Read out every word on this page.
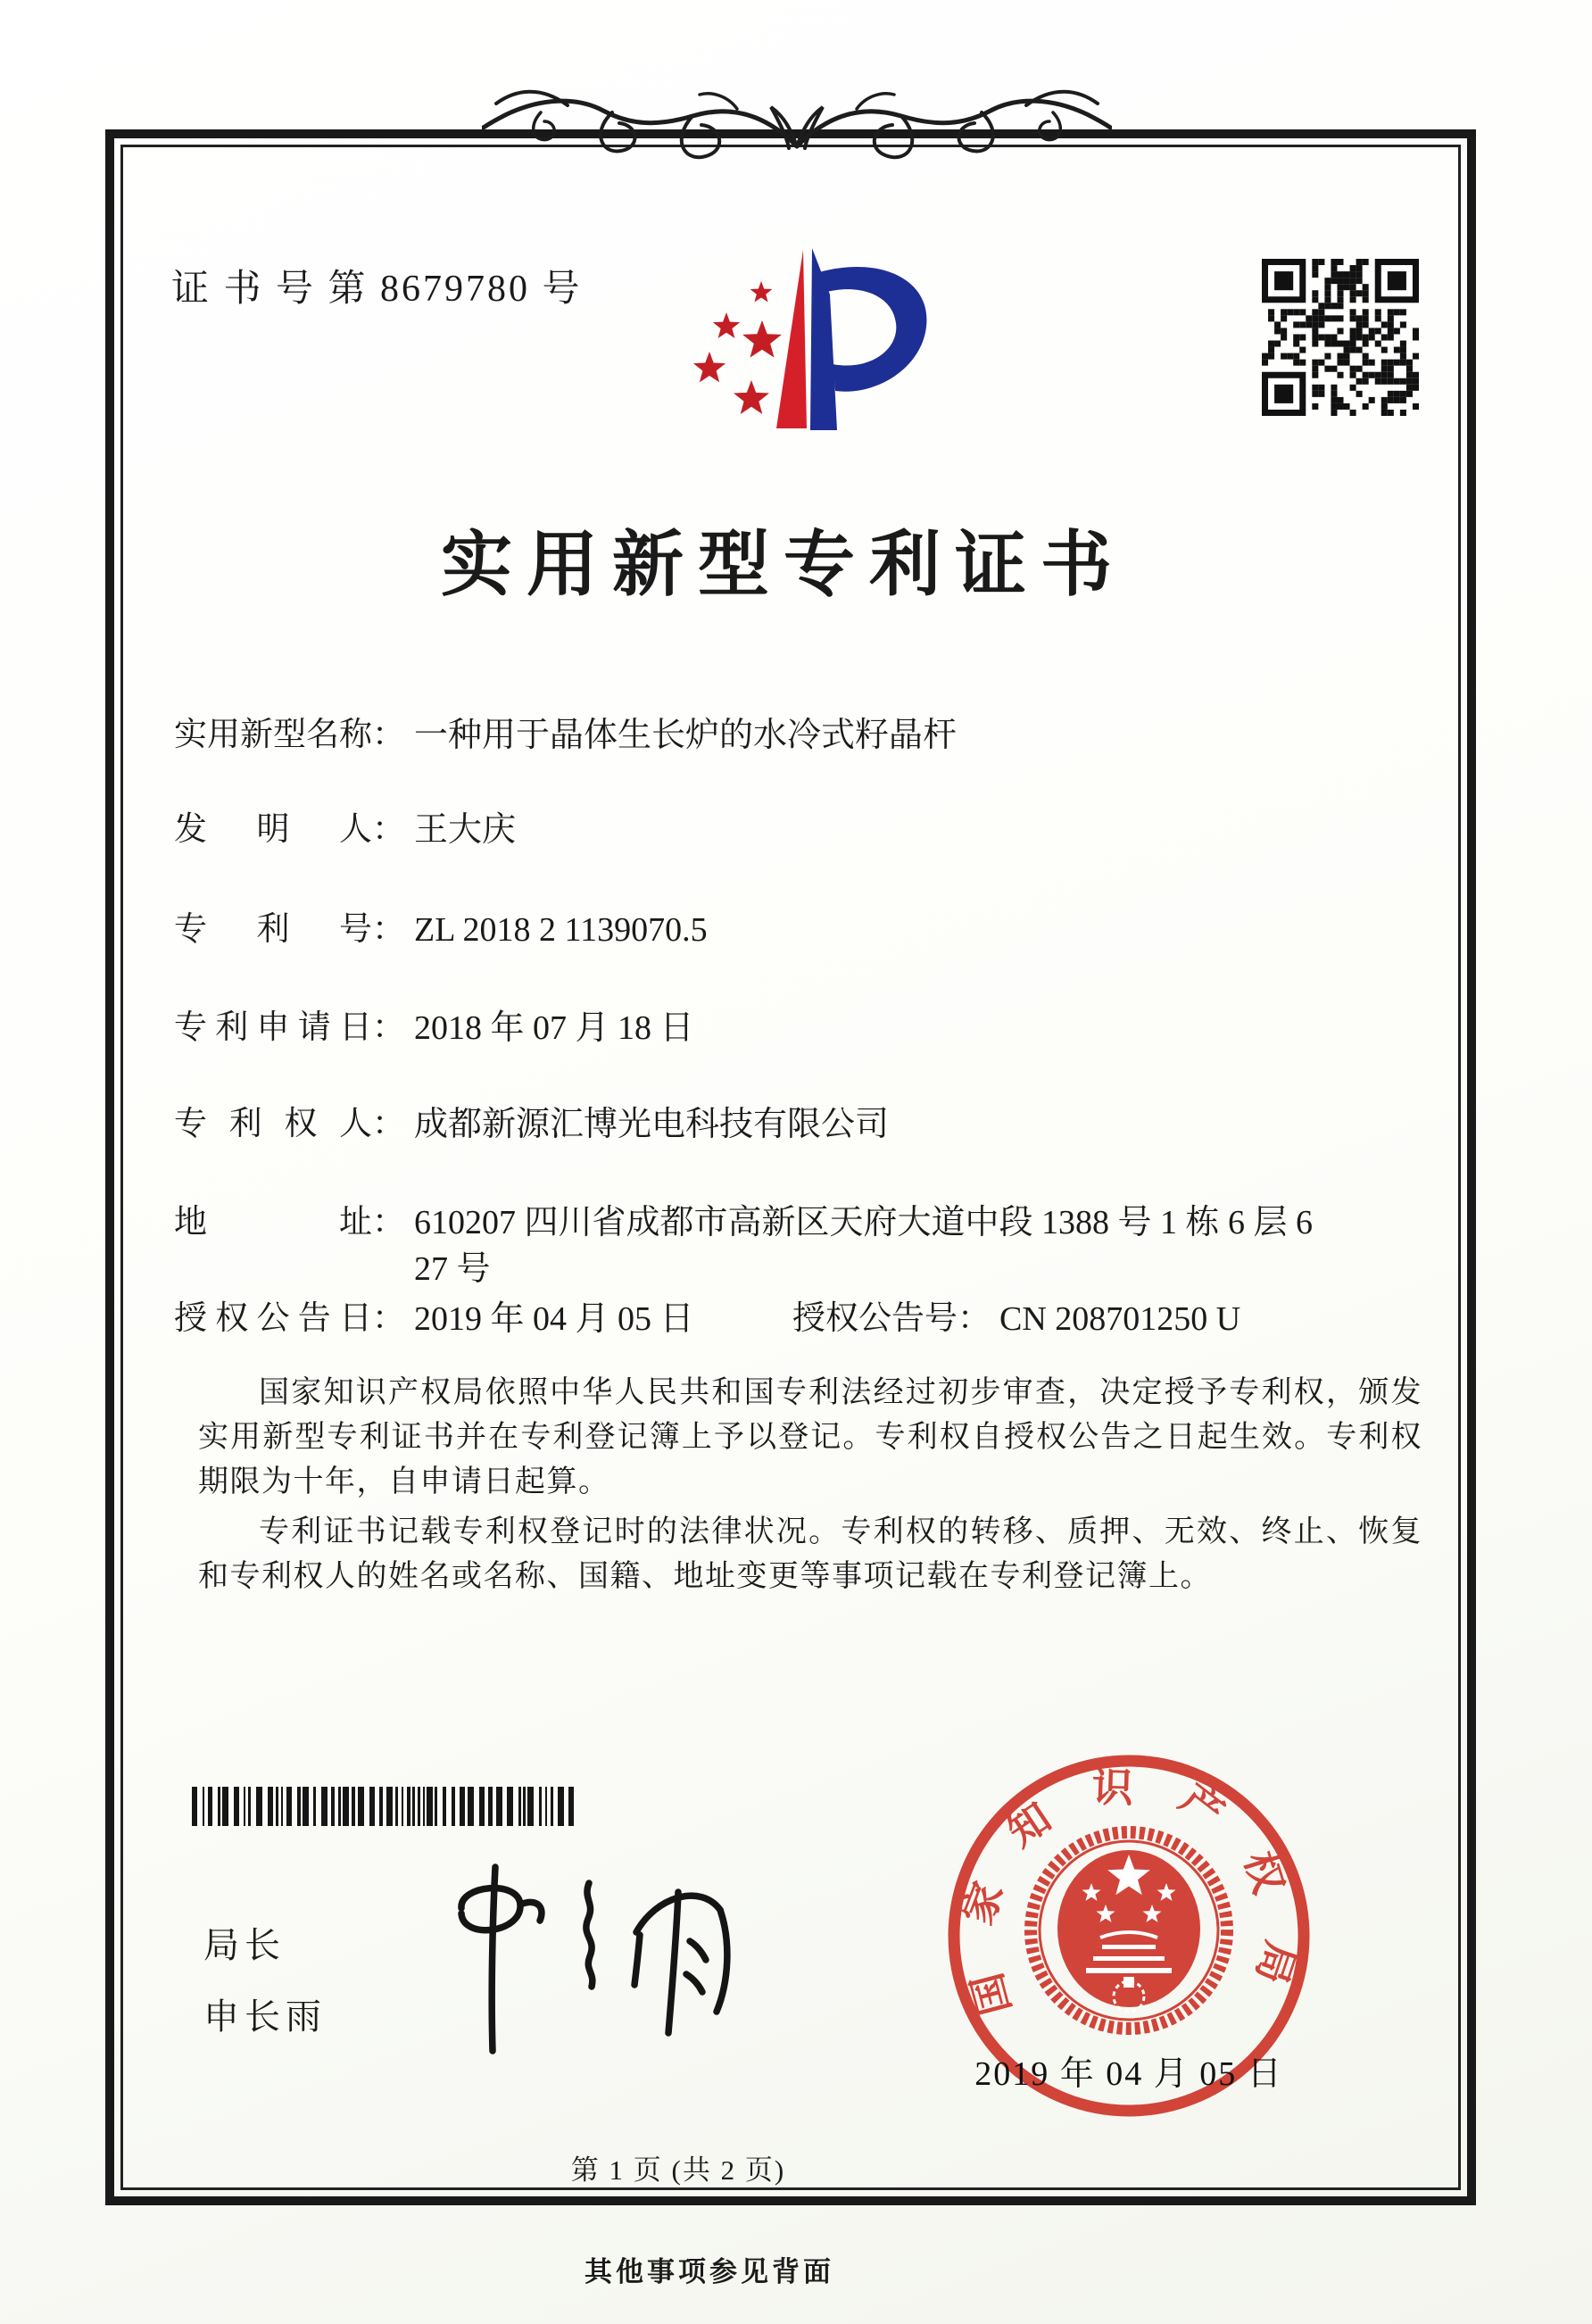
证 书 号 第 8679780 号
实用新型专利证书
实用新型名称： 一种用于晶体生长炉的水冷式籽晶杆
发明人： 王大庆
专利号： ZL 2018 2 1139070.5
专利申请日： 2018 年 07 月 18 日
专利权人： 成都新源汇博光电科技有限公司
地址： 610207 四川省成都市高新区天府大道中段 1388 号 1 栋 6 层 6
27 号
授权公告日： 2019 年 04 月 05 日	授权公告号： CN 208701250 U

国家知识产权局依照中华人民共和国专利法经过初步审查，决定授予专利权，颁发实用新型专利证书并在专利登记簿上予以登记。专利权自授权公告之日起生效。专利权期限为十年，自申请日起算。

专利证书记载专利权登记时的法律状况。专利权的转移、质押、无效、终止、恢复和专利权人的姓名或名称、国籍、地址变更等事项记载在专利登记簿上。

国家知识产权局
2019 年 04 月 05 日
局长
申长雨
第 1 页 (共 2 页)
其他事项参见背面
